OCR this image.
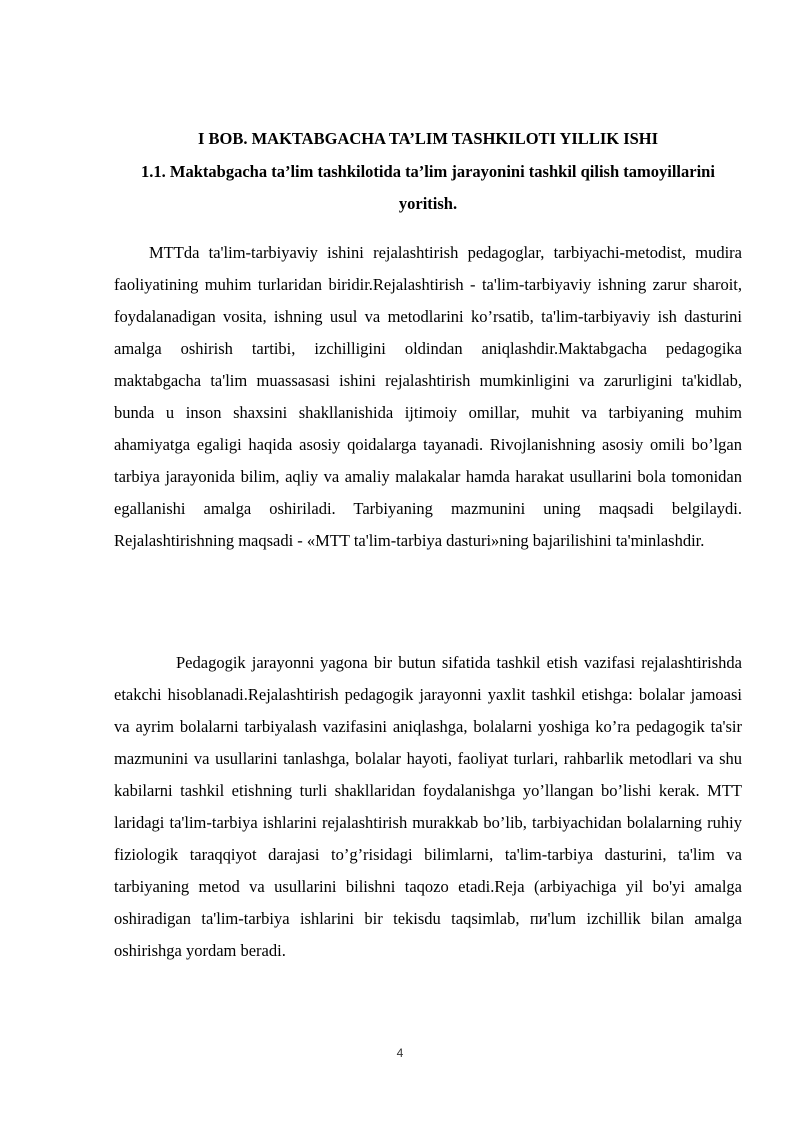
I BOB. MAKTABGACHA TA’LIM TASHKILOTI YILLIK ISHI
1.1. Maktabgacha ta’lim tashkilotida ta’lim jarayonini tashkil qilish tamoyillarini yoritish.

MTTda ta'lim-tarbiyaviy ishini rejalashtirish pedagoglar, tarbiyachi-metodist, mudira faoliyatining muhim turlaridan biridir.Rejalashtirish - ta'lim-tarbiyaviy ishning zarur sharoit, foydalanadigan vosita, ishning usul va metodlarini ko’rsatib, ta'lim-tarbiyaviy ish dasturini amalga oshirish tartibi, izchilligini oldindan aniqlashdir.Maktabgacha pedagogika maktabgacha ta'lim muassasasi ishini rejalashtirish mumkinligini va zarurligini ta'kidlab, bunda u inson shaxsini shakllanishida ijtimoiy omillar, muhit va tarbiyaning muhim ahamiyatga egaligi haqida asosiy qoidalarga tayanadi. Rivojlanishning asosiy omili bo’lgan tarbiya jarayonida bilim, aqliy va amaliy malakalar hamda harakat usullarini bola tomonidan egallanishi amalga oshiriladi. Tarbiyaning mazmunini uning maqsadi belgilaydi. Rejalashtirishning maqsadi - «MTT ta'lim-tarbiya dasturi»ning bajarilishini ta'minlashdir.

Pedagogik jarayonni yagona bir butun sifatida tashkil etish vazifasi rejalashtirishda etakchi hisoblanadi.Rejalashtirish pedagogik jarayonni yaxlit tashkil etishga: bolalar jamoasi va ayrim bolalarni tarbiyalash vazifasini aniqlashga, bolalarni yoshiga ko’ra pedagogik ta'sir mazmunini va usullarini tanlashga, bolalar hayoti, faoliyat turlari, rahbarlik metodlari va shu kabilarni tashkil etishning turli shakllaridan foydalanishga yo’llangan bo’lishi kerak. MTT laridagi ta'lim-tarbiya ishlarini rejalashtirish murakkab bo’lib, tarbiyachidan bolalarning ruhiy fiziologik taraqqiyot darajasi to’g’risidagi bilimlarni, ta'lim-tarbiya dasturini, ta'lim va tarbiyaning metod va usullarini bilishni taqozo etadi.Reja (arbiyachiga yil bo'yi amalga oshiradigan ta'lim-tarbiya ishlarini bir tekisdu taqsimlab, пи'lum izchillik bilan amalga oshirishga yordam beradi.

4
